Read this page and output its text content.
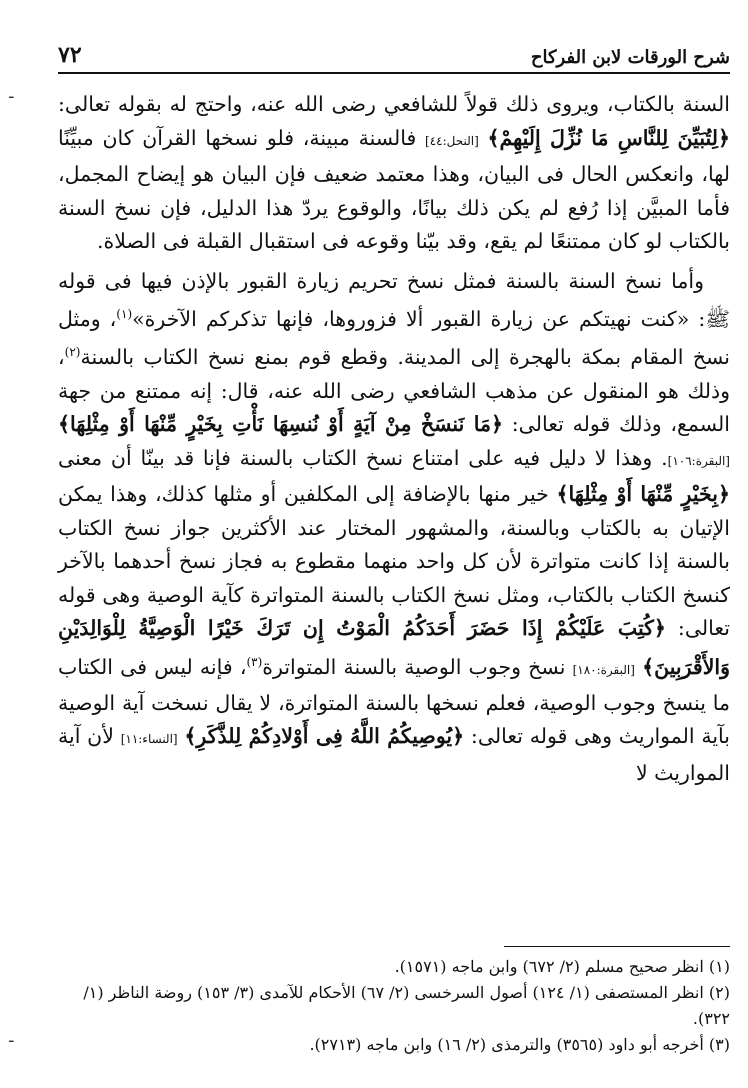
-
-
شرح الورقات لابن الفركاح
٧٢

السنة بالكتاب، ويروى ذلك قولاً للشافعي رضى الله عنه، واحتج له بقوله تعالى: ﴿لِتُبَيِّنَ لِلنَّاسِ مَا نُزِّلَ إِلَيْهِمْ﴾ [النحل:٤٤] فالسنة مبينة، فلو نسخها القرآن كان مبيِّنًا لها، وانعكس الحال فى البيان، وهذا معتمد ضعيف فإن البيان هو إيضاح المجمل، فأما المبيَّن إذا رُفع لم يكن ذلك بيانًا، والوقوع يردّ هذا الدليل، فإن نسخ السنة بالكتاب لو كان ممتنعًا لم يقع، وقد بيّنا وقوعه فى استقبال القبلة فى الصلاة.

وأما نسخ السنة بالسنة فمثل نسخ تحريم زيارة القبور بالإذن فيها فى قوله ﷺ: «كنت نهيتكم عن زيارة القبور ألا فزوروها، فإنها تذكركم الآخرة»$^{(١)}$، ومثل نسخ المقام بمكة بالهجرة إلى المدينة. وقطع قوم بمنع نسخ الكتاب بالسنة$^{(٢)}$، وذلك هو المنقول عن مذهب الشافعي رضى الله عنه، قال: إنه ممتنع من جهة السمع، وذلك قوله تعالى: ﴿مَا نَنسَخْ مِنْ آيَةٍ أَوْ نُنسِهَا نَأْتِ بِخَيْرٍ مِّنْهَا أَوْ مِثْلِهَا﴾ [البقرة:١٠٦]. وهذا لا دليل فيه على امتناع نسخ الكتاب بالسنة فإنا قد بينّا أن معنى ﴿بِخَيْرٍ مِّنْهَا أَوْ مِثْلِهَا﴾ خير منها بالإضافة إلى المكلفين أو مثلها كذلك، وهذا يمكن الإتيان به بالكتاب وبالسنة، والمشهور المختار عند الأكثرين جواز نسخ الكتاب بالسنة إذا كانت متواترة لأن كل واحد منهما مقطوع به فجاز نسخ أحدهما بالآخر كنسخ الكتاب بالكتاب، ومثل نسخ الكتاب بالسنة المتواترة كآية الوصية وهى قوله تعالى: ﴿كُتِبَ عَلَيْكُمْ إِذَا حَضَرَ أَحَدَكُمُ الْمَوْتُ إِن تَرَكَ خَيْرًا الْوَصِيَّةُ لِلْوَالِدَيْنِ وَالأَقْرَبِينَ﴾ [البقرة:١٨٠] نسخ وجوب الوصية بالسنة المتواترة$^{(٣)}$، فإنه ليس فى الكتاب ما ينسخ وجوب الوصية، فعلم نسخها بالسنة المتواترة، لا يقال نسخت آية الوصية بآية المواريث وهى قوله تعالى: ﴿يُوصِيكُمُ اللَّهُ فِى أَوْلادِكُمْ لِلذَّكَرِ﴾ [النساء:١١] لأن آية المواريث لا

(١) انظر صحيح مسلم (٢/ ٦٧٢) وابن ماجه (١٥٧١).

(٢) انظر المستصفى (١/ ١٢٤) أصول السرخسى (٢/ ٦٧) الأحكام للآمدى (٣/ ١٥٣) روضة الناظر (١/ ٣٢٢).

(٣) أخرجه أبو داود (٣٥٦٥) والترمذى (٢/ ١٦) وابن ماجه (٢٧١٣).
